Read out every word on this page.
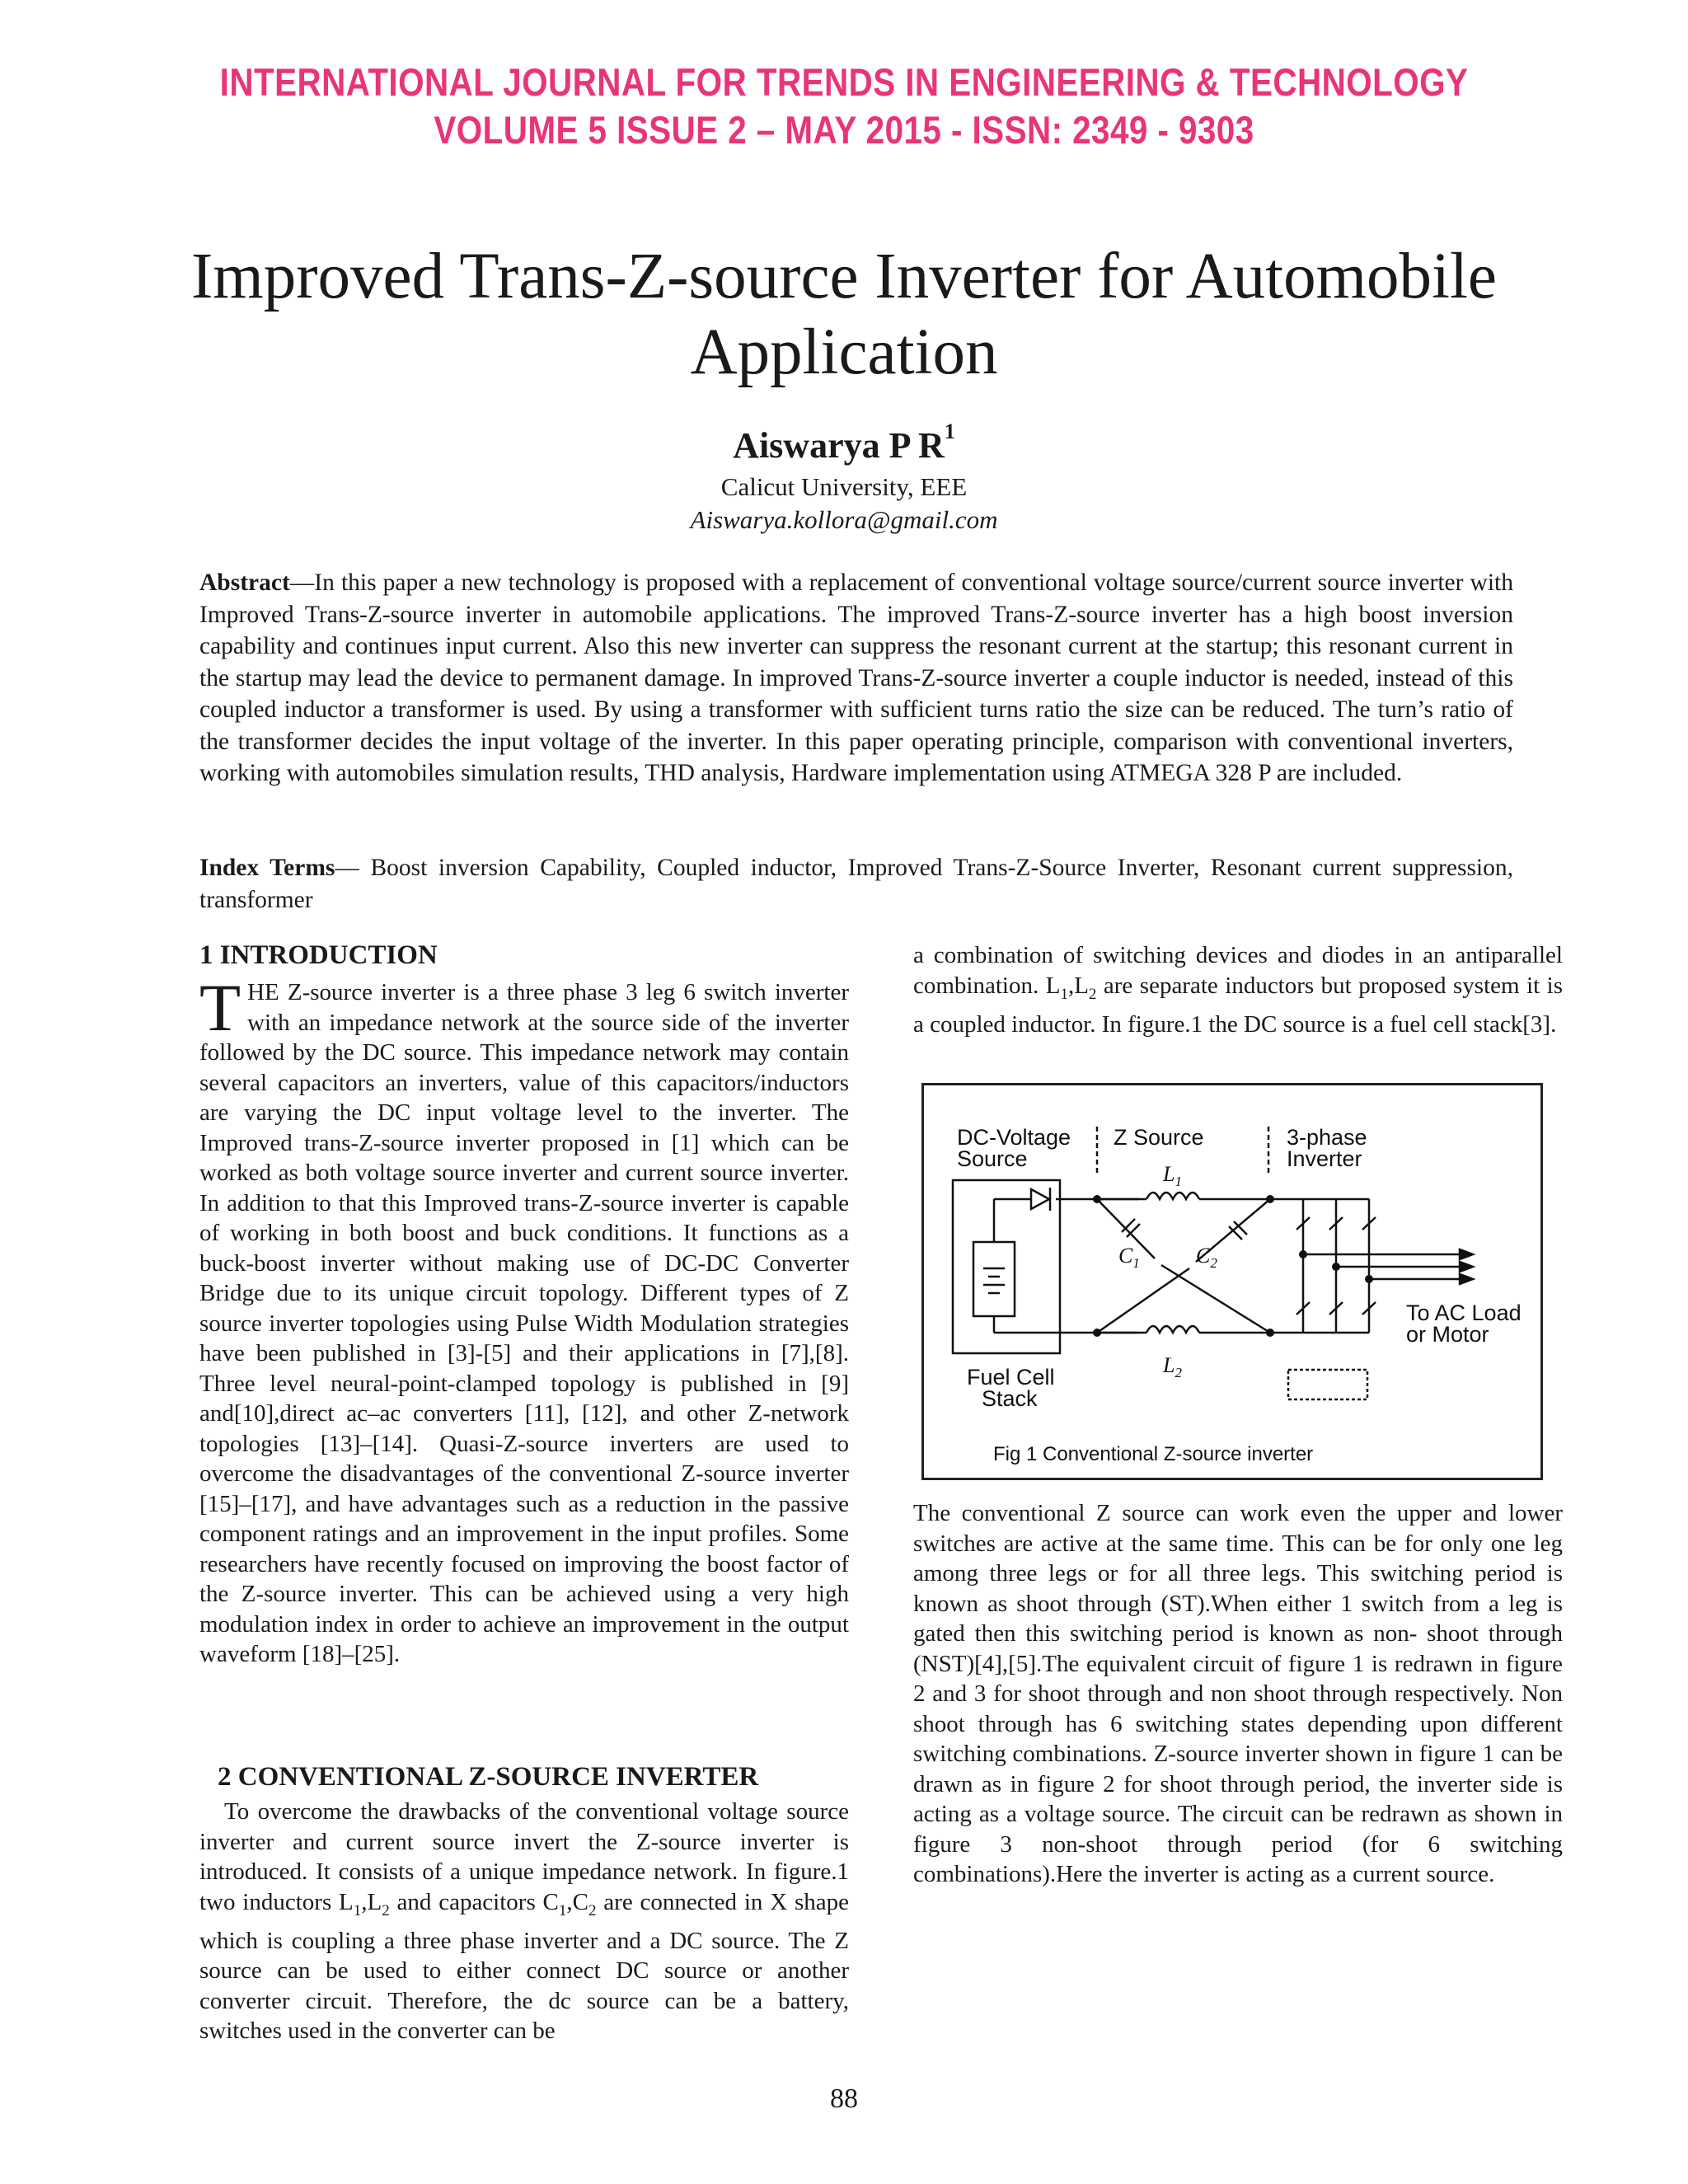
INTERNATIONAL JOURNAL FOR TRENDS IN ENGINEERING & TECHNOLOGY
VOLUME 5 ISSUE 2 – MAY 2015 - ISSN: 2349 - 9303
Improved Trans-Z-source Inverter for Automobile Application
Aiswarya P $R^1$
Calicut University, EEE
Aiswarya.kollora@gmail.com

Abstract—In this paper a new technology is proposed with a replacement of conventional voltage source/current source inverter with Improved Trans-Z-source inverter in automobile applications. The improved Trans-Z-source inverter has a high boost inversion capability and continues input current. Also this new inverter can suppress the resonant current at the startup; this resonant current in the startup may lead the device to permanent damage. In improved Trans-Z-source inverter a couple inductor is needed, instead of this coupled inductor a transformer is used. By using a transformer with sufficient turns ratio the size can be reduced. The turn’s ratio of the transformer decides the input voltage of the inverter. In this paper operating principle, comparison with conventional inverters, working with automobiles simulation results, THD analysis, Hardware implementation using ATMEGA 328 P are included.

Index Terms— Boost inversion Capability, Coupled inductor, Improved Trans-Z-Source Inverter, Resonant current suppression, transformer

1 INTRODUCTION

THE Z-source inverter is a three phase 3 leg 6 switch inverter with an impedance network at the source side of the inverter followed by the DC source. This impedance network may contain several capacitors an inverters, value of this capacitors/inductors are varying the DC input voltage level to the inverter. The Improved trans-Z-source inverter proposed in [1] which can be worked as both voltage source inverter and current source inverter. In addition to that this Improved trans-Z-source inverter is capable of working in both boost and buck conditions. It functions as a buck-boost inverter without making use of DC-DC Converter Bridge due to its unique circuit topology. Different types of Z source inverter topologies using Pulse Width Modulation strategies have been published in [3]-[5] and their applications in [7],[8]. Three level neural-point-clamped topology is published in [9] and[10],direct ac–ac converters [11], [12], and other Z-network topologies [13]–[14]. Quasi-Z-source inverters are used to overcome the disadvantages of the conventional Z-source inverter [15]–[17], and have advantages such as a reduction in the passive component ratings and an improvement in the input profiles. Some researchers have recently focused on improving the boost factor of the Z-source inverter. This can be achieved using a very high modulation index in order to achieve an improvement in the output waveform [18]–[25].

2 CONVENTIONAL Z-SOURCE INVERTER

To overcome the drawbacks of the conventional voltage source inverter and current source invert the Z-source inverter is introduced. It consists of a unique impedance network. In figure.1 two inductors $L_1,L_2$ and capacitors $C_1,C_2$ are connected in X shape which is coupling a three phase inverter and a DC source. The Z source can be used to either connect DC source or another converter circuit. Therefore, the dc source can be a battery, switches used in the converter can be

a combination of switching devices and diodes in an antiparallel combination. $L_1,L_2$ are separate inductors but proposed system it is a coupled inductor. In figure.1 the DC source is a fuel cell stack[3].

DC-Voltage
Source
Z Source	3-phase
Inverter
$L_1$
$L_2$
$C_1$	$C_2$
To AC Load
or Motor
Fuel Cell
Stack
Fig 1 Conventional Z-source inverter
The conventional Z source can work even the upper and lower switches are active at the same time. This can be for only one leg among three legs or for all three legs. This switching period is known as shoot through (ST).When either 1 switch from a leg is gated then this switching period is known as non- shoot through (NST)[4],[5].The equivalent circuit of figure 1 is redrawn in figure 2 and 3 for shoot through and non shoot through respectively. Non shoot through has 6 switching states depending upon different switching combinations. Z-source inverter shown in figure 1 can be drawn as in figure 2 for shoot through period, the inverter side is acting as a voltage source. The circuit can be redrawn as shown in figure 3 non-shoot through period (for 6 switching combinations).Here the inverter is acting as a current source.
88
